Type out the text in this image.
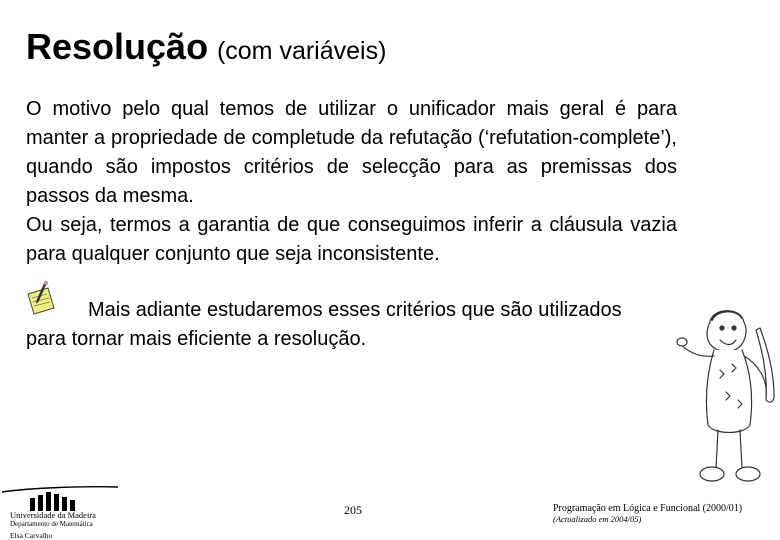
Resolução (com variáveis)

O motivo pelo qual temos de utilizar o unificador mais geral é para manter a propriedade de completude da refutação (‘refutation-complete’), quando são impostos critérios de selecção para as premissas dos passos da mesma.

Ou seja, termos a garantia de que conseguimos inferir a cláusula vazia para qualquer conjunto que seja inconsistente.

Mais adiante estudaremos esses critérios que são utilizados para tornar mais eficiente a resolução.

Universidade da Madeira
Departamento de Matemática
Elsa Carvalho
205	Programação em Lógica e Funcional (2000/01)
(Actualizado em 2004/05)
